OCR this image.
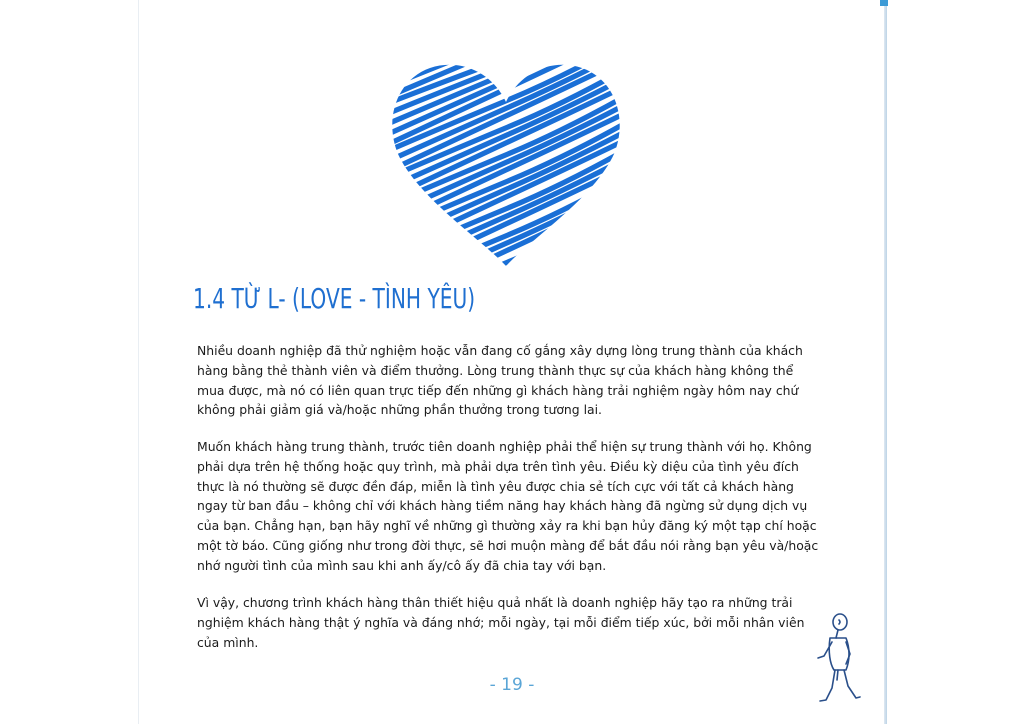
1.4 TỪ L- (LOVE - TÌNH YÊU)

Nhiều doanh nghiệp đã thử nghiệm hoặc vẫn đang cố gắng xây dựng lòng trung thành của khách hàng bằng thẻ thành viên và điểm thưởng. Lòng trung thành thực sự của khách hàng không thể mua được, mà nó có liên quan trực tiếp đến những gì khách hàng trải nghiệm ngày hôm nay chứ không phải giảm giá và/hoặc những phần thưởng trong tương lai.

Muốn khách hàng trung thành, trước tiên doanh nghiệp phải thể hiện sự trung thành với họ. Không phải dựa trên hệ thống hoặc quy trình, mà phải dựa trên tình yêu. Điều kỳ diệu của tình yêu đích thực là nó thường sẽ được đền đáp, miễn là tình yêu được chia sẻ tích cực với tất cả khách hàng ngay từ ban đầu – không chỉ với khách hàng tiềm năng hay khách hàng đã ngừng sử dụng dịch vụ của bạn. Chẳng hạn, bạn hãy nghĩ về những gì thường xảy ra khi bạn hủy đăng ký một tạp chí hoặc một tờ báo. Cũng giống như trong đời thực, sẽ hơi muộn màng để bắt đầu nói rằng bạn yêu và/hoặc nhớ người tình của mình sau khi anh ấy/cô ấy đã chia tay với bạn.

Vì vậy, chương trình khách hàng thân thiết hiệu quả nhất là doanh nghiệp hãy tạo ra những trải nghiệm khách hàng thật ý nghĩa và đáng nhớ; mỗi ngày, tại mỗi điểm tiếp xúc, bởi mỗi nhân viên của mình.

- 19 -
